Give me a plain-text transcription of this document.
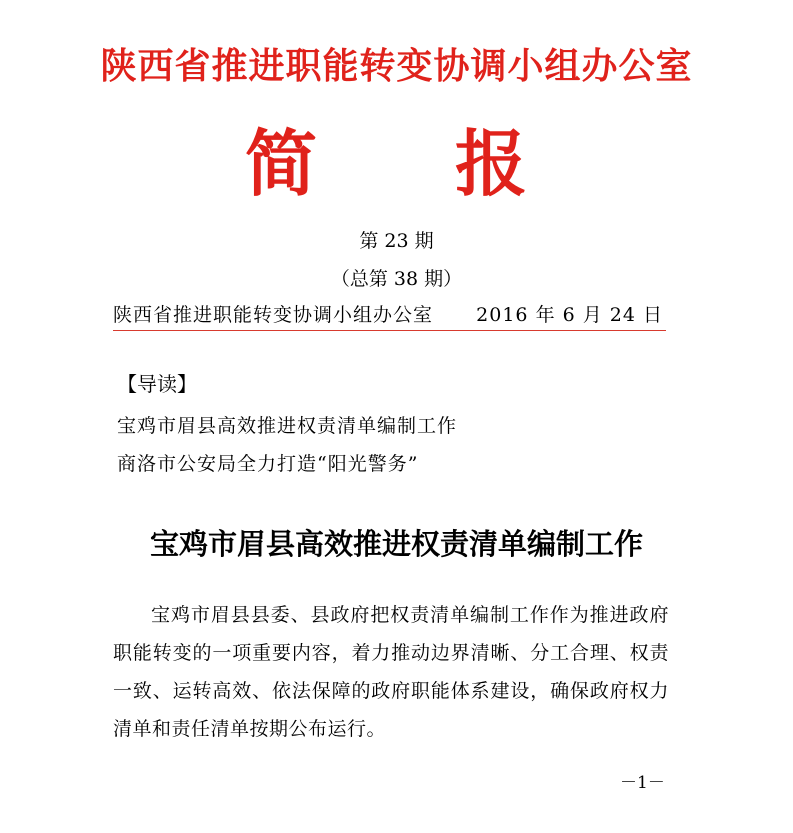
陕西省推进职能转变协调小组办公室
简 报
第 23 期
（总第 38 期）
陕西省推进职能转变协调小组办公室 2016 年 6 月 24 日
【导读】
宝鸡市眉县高效推进权责清单编制工作
商洛市公安局全力打造“阳光警务”
宝鸡市眉县高效推进权责清单编制工作
宝鸡市眉县县委、县政府把权责清单编制工作作为推进政府职能转变的一项重要内容，着力推动边界清晰、分工合理、权责一致、运转高效、依法保障的政府职能体系建设，确保政府权力清单和责任清单按期公布运行。
－1－
